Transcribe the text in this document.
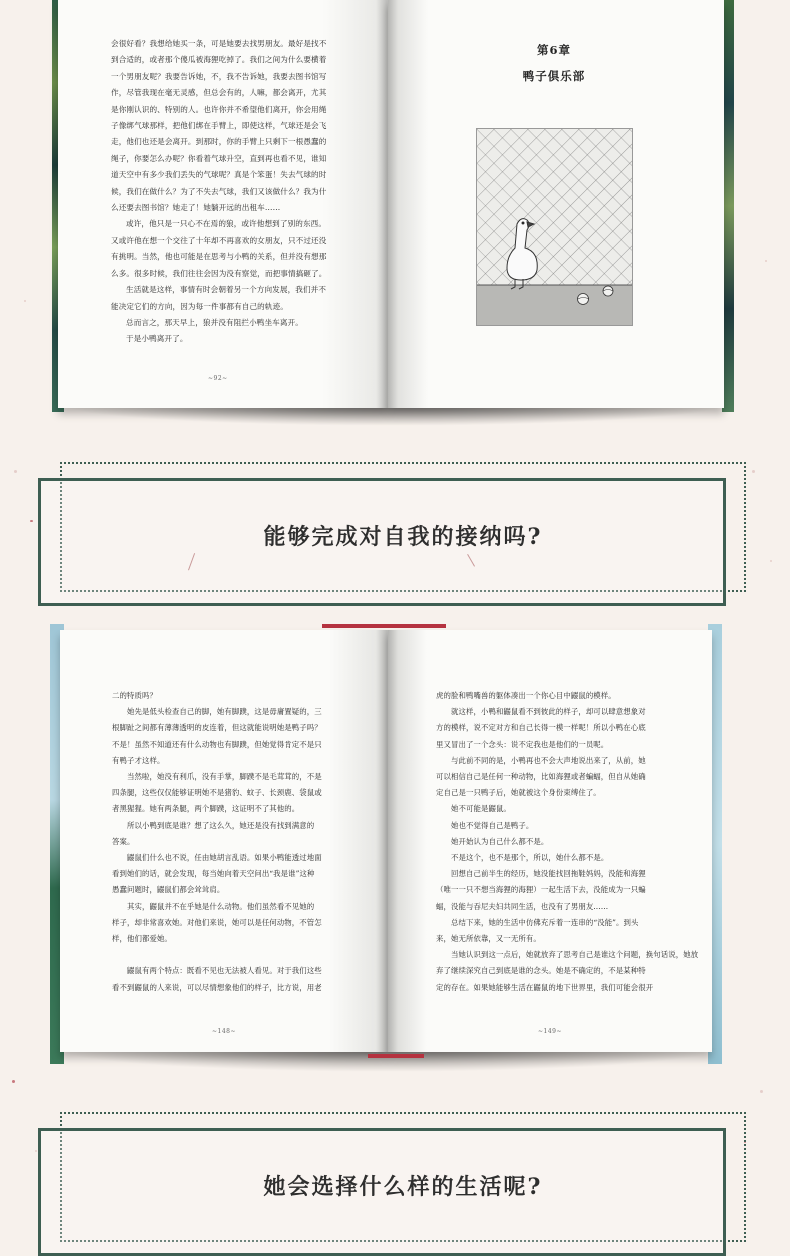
会很好看？我想给她买一条，可是她要去找男朋友。最好是找不

到合适的，或者那个傻瓜被海狸吃掉了。我们之间为什么要横着

一个男朋友呢？我要告诉她，不，我不告诉她，我要去图书馆写

作，尽管我现在毫无灵感，但总会有的，人嘛，都会离开，尤其

是你刚认识的、特别的人。也许你并不希望他们离开，你会用绳

子像绑气球那样，把他们绑在手臂上，即使这样，气球还是会飞

走，他们也还是会离开。到那时，你的手臂上只剩下一根愚蠢的

绳子，你要怎么办呢？你看着气球升空，直到再也看不见，谁知

道天空中有多少我们丢失的气球呢？真是个笨蛋！失去气球的时

候，我们在做什么？为了不失去气球，我们又该做什么？我为什

么还要去图书馆？她走了！她躺开远的出租车……

或许，他只是一只心不在焉的狼，或许他想到了别的东西。

又或许他在想一个交往了十年却不再喜欢的女朋友，只不过还没

有挑明。当然，他也可能是在思考与小鸭的关系，但并没有想那

么多。很多时候，我们往往会因为没有察觉，而把事情搞砸了。

生活就是这样，事情有时会朝着另一个方向发展，我们并不

能决定它们的方向，因为每一件事都有自己的轨迹。

总而言之，那天早上，狼并没有阻拦小鸭坐车离开。

于是小鸭离开了。

~92~
第6章
鸭子俱乐部
能够完成对自我的接纳吗?

二的特质吗？

她先是低头检查自己的脚，她有脚蹼，这是毋庸置疑的，三

根脚趾之间都有薄薄透明的皮连着，但这就能说明她是鸭子吗？

不是！虽然不知道还有什么动物也有脚蹼，但她觉得肯定不是只

有鸭子才这样。

当然啦，她没有利爪，没有手掌，脚蹼不是毛茸茸的，不是

四条腿，这些仅仅能够证明她不是猪豹、蚊子、长颈鹿、袋鼠或

者黑猩猩。她有两条腿，两个脚蹼，这证明不了其他的。

所以小鸭到底是谁？想了这么久，她还是没有找到满意的

答案。

鼹鼠们什么也不说，任由她胡言乱语。如果小鸭能透过地面

看到她们的话，就会发现，每当她向着天空问出“我是谁”这种

愚蠢问题时，鼹鼠们都会耸耸肩。

其实，鼹鼠并不在乎她是什么动物。他们虽然看不见她的

样子，却非常喜欢她。对他们来说，她可以是任何动物，不管怎

样，他们都爱她。

鼹鼠有两个特点：既看不见也无法被人看见。对于我们这些

看不到鼹鼠的人来说，可以尽情想象他们的样子，比方说，用老

~148~

虎的脸和鸭嘴兽的躯体凑出一个你心目中鼹鼠的模样。

就这样，小鸭和鼹鼠看不到彼此的样子，却可以肆意想象对

方的模样，说不定对方和自己长得一模一样呢！所以小鸭在心底

里又冒出了一个念头：说不定我也是他们的一员呢。

与此前不同的是，小鸭再也不会大声地说出来了，从前，她

可以相信自己是任何一种动物，比如海狸或者蝙蝠，但自从她确

定自己是一只鸭子后，她就被这个身份束缚住了。

她不可能是鼹鼠。

她也不觉得自己是鸭子。

她开始认为自己什么都不是。

不是这个，也不是那个，所以，她什么都不是。

回想自己前半生的经历，她没能找回拖鞋妈妈，没能和海狸

（唯一一只不想当海狸的海狸）一起生活下去，没能成为一只蝙

蝠，没能与吞尼夫妇共同生活，也没有了男朋友……

总结下来，她的生活中仿佛充斥着一连串的“没能”。到头

来，她无所依靠，又一无所有。

当她认识到这一点后，她就放弃了思考自己是谁这个问题，换句话说，她放

弃了继续深究自己到底是谁的念头。她是不确定的，不是某种特

定的存在。如果她能够生活在鼹鼠的地下世界里，我们可能会很开

~149~
她会选择什么样的生活呢?
